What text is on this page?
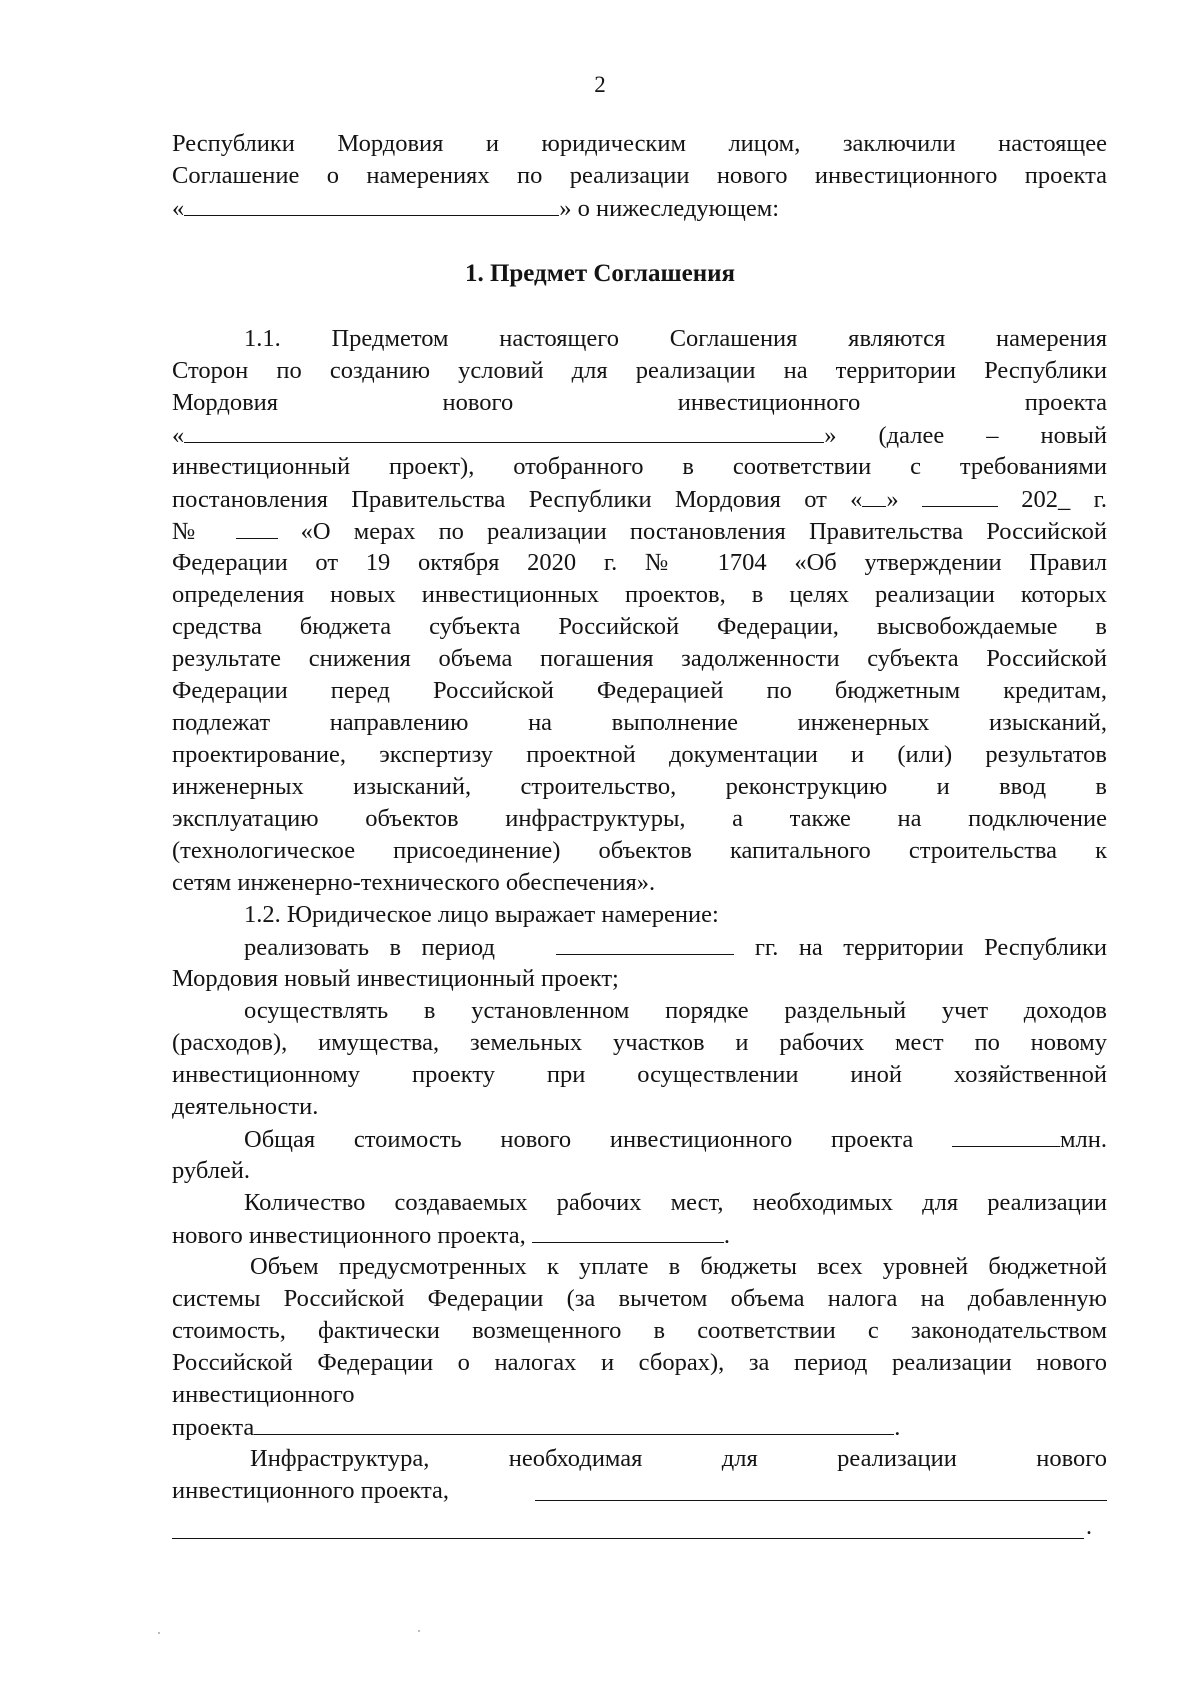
2
Республики Мордовия и юридическим лицом, заключили настоящее
Соглашение о намерениях по реализации нового инвестиционного проекта
«	» о нижеследующем:
1. Предмет Соглашения
1.1. Предметом настоящего Соглашения являются намерения
Сторон по созданию условий для реализации на территории Республики
Мордовия	нового	инвестиционного	проекта
«	» (далее – новый
инвестиционный проект), отобранного в соответствии с требованиями
постановления Правительства Республики Мордовия от « »	202_ г.
№	«О мерах по реализации постановления Правительства Российской
Федерации от 19 октября 2020 г. № 1704 «Об утверждении Правил
определения новых инвестиционных проектов, в целях реализации которых
средства бюджета субъекта Российской Федерации, высвобождаемые в
результате снижения объема погашения задолженности субъекта Российской
Федерации перед Российской Федерацией по бюджетным кредитам,
подлежат направлению на выполнение инженерных изысканий,
проектирование, экспертизу проектной документации и (или) результатов
инженерных изысканий, строительство, реконструкцию и ввод в
эксплуатацию объектов инфраструктуры, а также на подключение
(технологическое присоединение) объектов капитального строительства к
сетям инженерно-технического обеспечения».
1.2. Юридическое лицо выражает намерение:
реализовать в период	гг. на территории Республики
Мордовия новый инвестиционный проект;
осуществлять в установленном порядке раздельный учет доходов
(расходов), имущества, земельных участков и рабочих мест по новому
инвестиционному проекту при осуществлении иной хозяйственной
деятельности.
Общая стоимость нового инвестиционного проекта	млн.
рублей.
Количество создаваемых рабочих мест, необходимых для реализации
нового инвестиционного проекта,	.
Объем предусмотренных к уплате в бюджеты всех уровней бюджетной
системы Российской Федерации (за вычетом объема налога на добавленную
стоимость, фактически возмещенного в соответствии с законодательством
Российской Федерации о налогах и сборах), за период реализации нового
инвестиционного
проекта	.
Инфраструктура,	необходимая	для	реализации	нового
инвестиционного проекта,
.
